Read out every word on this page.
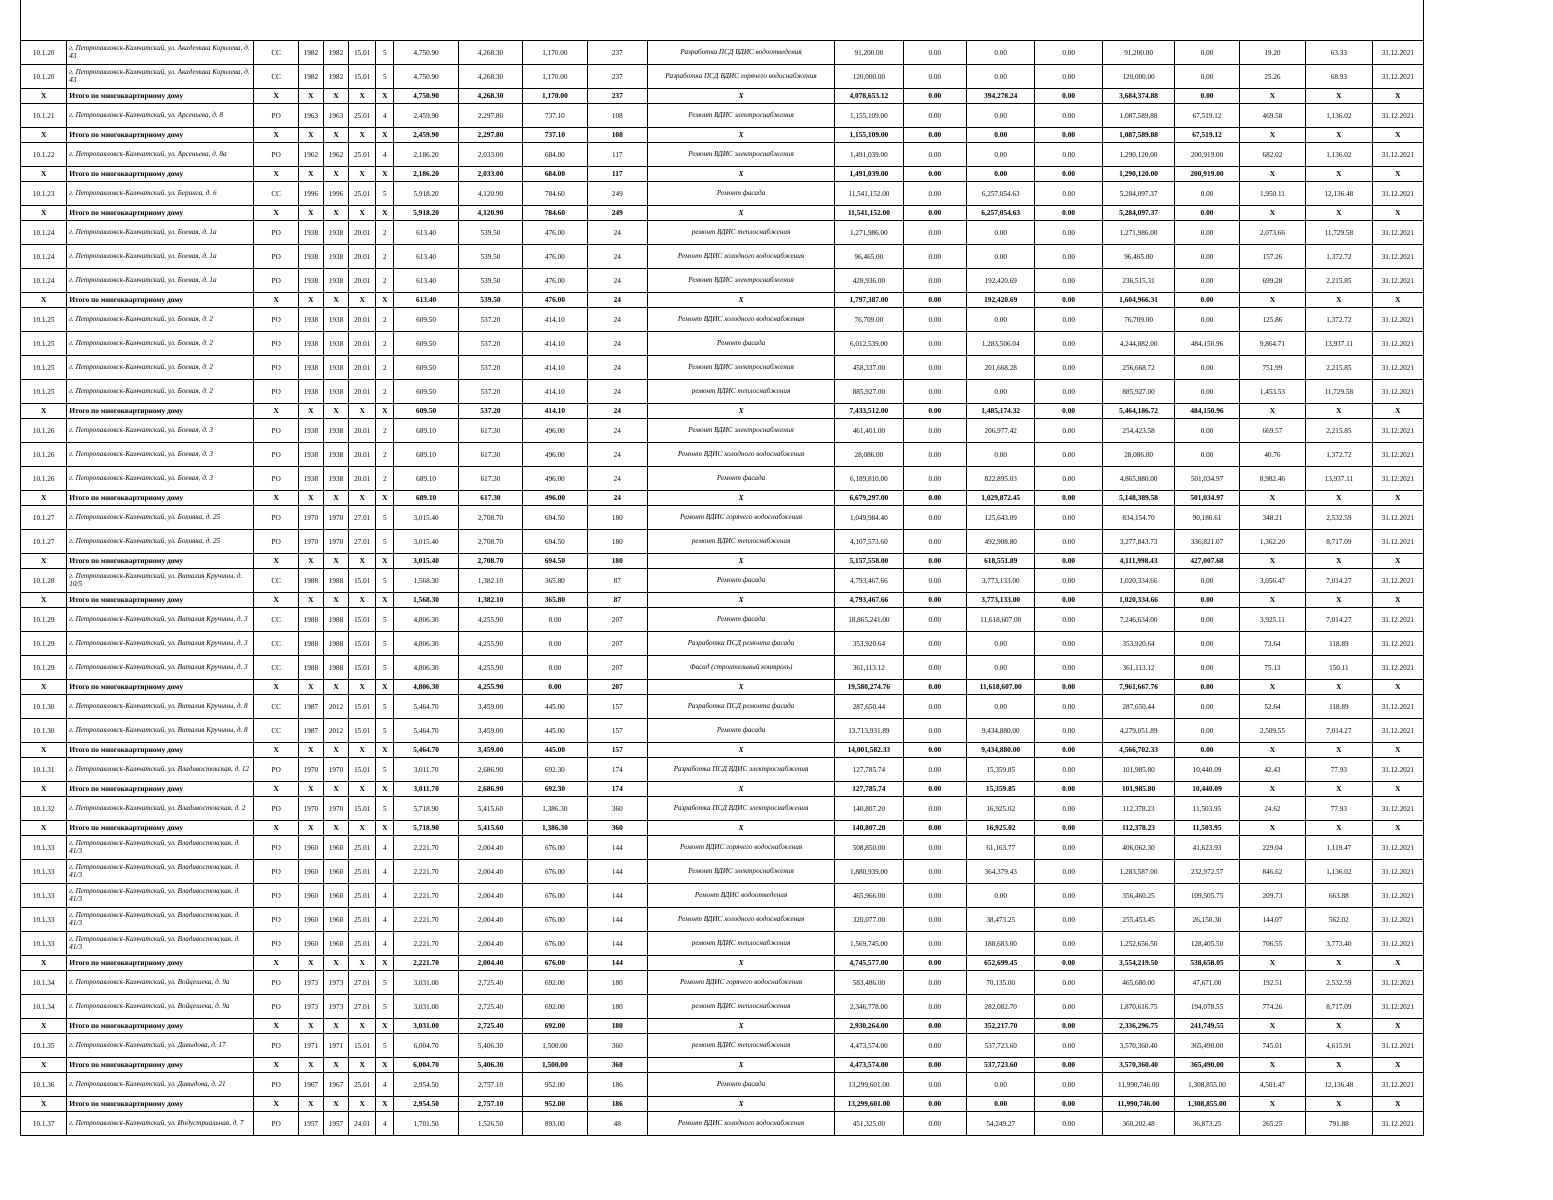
10.1.20	г. Петропавловск-Камчатский, ул. Академика Королева, д. 43	СС	1982	1982	15.01	5	4,750.90	4,268.30	1,170.00	237	Разработка ПСД ВДИС водоотведения	91,200.00	0.00	0.00	0.00	91,200.00	0.00	19.20	63.33	31.12.2021
10.1.20	г. Петропавловск-Камчатский, ул. Академика Королева, д. 43	СС	1982	1982	15.01	5	4,750.90	4,268.30	1,170.00	237	Разработка ПСД ВДИС горячего водоснабжения	120,000.00	0.00	0.00	0.00	120,000.00	0.00	25.26	68.93	31.12.2021
X	Итого по многоквартирному дому	X	X	X	X	X	4,750.90	4,268.30	1,170.00	237	X	4,078,653.12	0.00	394,278.24	0.00	3,684,374.88	0.00	X	X	X
10.1.21	г. Петропавловск-Камчатский, ул. Арсеньева, д. 8	РО	1963	1963	25.01	4	2,459.90	2,297.80	737.10	108	Ремонт ВДИС электроснабжения	1,155,109.00	0.00	0.00	0.00	1,087,589.88	67,519.12	469.58	1,136.02	31.12.2021
X	Итого по многоквартирному дому	X	X	X	X	X	2,459.90	2,297.80	737.10	108	X	1,155,109.00	0.00	0.00	0.00	1,087,589.88	67,519.12	X	X	X
10.1.22	г. Петропавловск-Камчатский, ул. Арсеньева, д. 8а	РО	1962	1962	25.01	4	2,186.20	2,033.00	684.00	117	Ремонт ВДИС электроснабжения	1,491,039.00	0.00	0.00	0.00	1,290,120.00	200,919.00	682.02	1,136.02	31.12.2021
X	Итого по многоквартирному дому	X	X	X	X	X	2,186.20	2,033.00	684.00	117	X	1,491,039.00	0.00	0.00	0.00	1,290,120.00	200,919.00	X	X	X
10.1.23	г. Петропавловск-Камчатский, ул. Беринга, д. 6	СС	1996	1996	25.01	5	5,918.20	4,120.90	784.60	249	Ремонт фасада	11,541,152.00	0.00	6,257,054.63	0.00	5,284,097.37	0.00	1,950.11	12,136.48	31.12.2021
X	Итого по многоквартирному дому	X	X	X	X	X	5,918.20	4,120.90	784.60	249	X	11,541,152.00	0.00	6,257,054.63	0.00	5,284,097.37	0.00	X	X	X
10.1.24	г. Петропавловск-Камчатский, ул. Боевая, д. 1а	РО	1938	1938	20.01	2	613.40	539.50	476.00	24	ремонт ВДИС теплоснабжения	1,271,986.00	0.00	0.00	0.00	1,271,986.00	0.00	2,073.66	11,729.58	31.12.2021
10.1.24	г. Петропавловск-Камчатский, ул. Боевая, д. 1а	РО	1938	1938	20.01	2	613.40	539.50	476.00	24	Ремонт ВДИС холодного водоснабжения	96,465.00	0.00	0.00	0.00	96,465.00	0.00	157.26	1,372.72	31.12.2021
10.1.24	г. Петропавловск-Камчатский, ул. Боевая, д. 1а	РО	1938	1938	20.01	2	613.40	539.50	476.00	24	Ремонт ВДИС электроснабжения	428,936.00	0.00	192,420.69	0.00	236,515.31	0.00	699.28	2,215.85	31.12.2021
X	Итого по многоквартирному дому	X	X	X	X	X	613.40	539.50	476.00	24	X	1,797,387.00	0.00	192,420.69	0.00	1,604,966.31	0.00	X	X	X
10.1.25	г. Петропавловск-Камчатский, ул. Боевая, д. 2	РО	1938	1938	20.01	2	609.50	537.20	414.10	24	Ремонт ВДИС холодного водоснабжения	76,709.00	0.00	0.00	0.00	76,709.00	0.00	125.86	1,372.72	31.12.2021
10.1.25	г. Петропавловск-Камчатский, ул. Боевая, д. 2	РО	1938	1938	20.01	2	609.50	537.20	414.10	24	Ремонт фасада	6,012,539.00	0.00	1,283,506.04	0.00	4,244,882.00	484,150.96	9,864.71	13,937.11	31.12.2021
10.1.25	г. Петропавловск-Камчатский, ул. Боевая, д. 2	РО	1938	1938	20.01	2	609.50	537.20	414.10	24	Ремонт ВДИС электроснабжения	458,337.00	0.00	201,668.28	0.00	256,668.72	0.00	751.99	2,215.85	31.12.2021
10.1.25	г. Петропавловск-Камчатский, ул. Боевая, д. 2	РО	1938	1938	20.01	2	609.50	537.20	414.10	24	ремонт ВДИС теплоснабжения	885,927.00	0.00	0.00	0.00	885,927.00	0.00	1,453.53	11,729.58	31.12.2021
X	Итого по многоквартирному дому	X	X	X	X	X	609.50	537.20	414.10	24	X	7,433,512.00	0.00	1,485,174.32	0.00	5,464,186.72	484,150.96	X	X	X
10.1.26	г. Петропавловск-Камчатский, ул. Боевая, д. 3	РО	1938	1938	20.01	2	689.10	617.30	496.00	24	Ремонт ВДИС электроснабжения	461,401.00	0.00	206,977.42	0.00	254,423.58	0.00	669.57	2,215.85	31.12.2021
10.1.26	г. Петропавловск-Камчатский, ул. Боевая, д. 3	РО	1938	1938	20.01	2	689.10	617.30	496.00	24	Ремонт ВДИС холодного водоснабжения	28,086.00	0.00	0.00	0.00	28,086.00	0.00	40.76	1,372.72	31.12.2021
10.1.26	г. Петропавловск-Камчатский, ул. Боевая, д. 3	РО	1938	1938	20.01	2	689.10	617.30	496.00	24	Ремонт фасада	6,189,810.00	0.00	822,895.03	0.00	4,865,880.00	501,034.97	8,982.46	13,937.11	31.12.2021
X	Итого по многоквартирному дому	X	X	X	X	X	689.10	617.30	496.00	24	X	6,679,297.00	0.00	1,029,872.45	0.00	5,148,389.58	501,034.97	X	X	X
10.1.27	г. Петропавловск-Камчатский, ул. Бохняка, д. 25	РО	1970	1970	27.01	5	3,015.40	2,708.70	694.50	180	Ремонт ВДИС горячего водоснабжения	1,049,984.40	0.00	125,643.09	0.00	834,154.70	90,186.61	348.21	2,532.59	31.12.2021
10.1.27	г. Петропавловск-Камчатский, ул. Бохняка, д. 25	РО	1970	1970	27.01	5	3,015.40	2,708.70	694.50	180	ремонт ВДИС теплоснабжения	4,107,573.60	0.00	492,908.80	0.00	3,277,843.73	336,821.07	1,362.20	8,717.09	31.12.2021
X	Итого по многоквартирному дому	X	X	X	X	X	3,015.40	2,708.70	694.50	180	X	5,157,558.00	0.00	618,551.89	0.00	4,111,998.43	427,007.68	X	X	X
10.1.28	г. Петропавловск-Камчатский, ул. Виталия Кручины, д. 10/5	СС	1988	1988	15.01	5	1,568.30	1,382.10	365.80	87	Ремонт фасада	4,793,467.66	0.00	3,773,133.00	0.00	1,020,334.66	0.00	3,056.47	7,014.27	31.12.2021
X	Итого по многоквартирному дому	X	X	X	X	X	1,568.30	1,382.10	365.80	87	X	4,793,467.66	0.00	3,773,133.00	0.00	1,020,334.66	0.00	X	X	X
10.1.29	г. Петропавловск-Камчатский, ул. Виталия Кручины, д. 3	СС	1988	1988	15.01	5	4,806.30	4,255.90	0.00	207	Ремонт фасада	18,865,241.00	0.00	11,618,607.00	0.00	7,246,634.00	0.00	3,925.11	7,014.27	31.12.2021
10.1.29	г. Петропавловск-Камчатский, ул. Виталия Кручины, д. 3	СС	1988	1988	15.01	5	4,806.30	4,255.90	0.00	207	Разработка ПСД ремонта фасада	353,920.64	0.00	0.00	0.00	353,920.64	0.00	73.64	118.89	31.12.2021
10.1.29	г. Петропавловск-Камчатский, ул. Виталия Кручины, д. 3	СС	1988	1988	15.01	5	4,806.30	4,255.90	0.00	207	Фасад (строительный контроль)	361,113.12	0.00	0.00	0.00	361,113.12	0.00	75.13	150.11	31.12.2021
X	Итого по многоквартирному дому	X	X	X	X	X	4,806.30	4,255.90	0.00	207	X	19,580,274.76	0.00	11,618,607.00	0.00	7,961,667.76	0.00	X	X	X
10.1.30	г. Петропавловск-Камчатский, ул. Виталия Кручины, д. 8	СС	1987	2012	15.01	5	5,464.70	3,459.00	445.00	157	Разработка ПСД ремонта фасада	287,650.44	0.00	0.00	0.00	287,650.44	0.00	52.64	118.89	31.12.2021
10.1.30	г. Петропавловск-Камчатский, ул. Виталия Кручины, д. 8	СС	1987	2012	15.01	5	5,464.70	3,459.00	445.00	157	Ремонт фасада	13,713,931.89	0.00	9,434,880.00	0.00	4,279,051.89	0.00	2,509.55	7,014.27	31.12.2021
X	Итого по многоквартирному дому	X	X	X	X	X	5,464.70	3,459.00	445.00	157	X	14,001,582.33	0.00	9,434,880.00	0.00	4,566,702.33	0.00	X	X	X
10.1.31	г. Петропавловск-Камчатский, ул. Владивостокская, д. 12	РО	1970	1970	15.01	5	3,011.70	2,686.90	692.30	174	Разработка ПСД ВДИС электроснабжения	127,785.74	0.00	15,359.85	0.00	101,985.80	10,440.09	42.43	77.93	31.12.2021
X	Итого по многоквартирному дому	X	X	X	X	X	3,011.70	2,686.90	692.30	174	X	127,785.74	0.00	15,359.85	0.00	101,985.80	10,440.09	X	X	X
10.1.32	г. Петропавловск-Камчатский, ул. Владивостокская, д. 2	РО	1970	1970	15.01	5	5,718.90	5,415.60	1,386.30	360	Разработка ПСД ВДИС электроснабжения	140,807.20	0.00	16,925.02	0.00	112,378.23	11,503.95	24.62	77.93	31.12.2021
X	Итого по многоквартирному дому	X	X	X	X	X	5,718.90	5,415.60	1,386.30	360	X	140,807.20	0.00	16,925.02	0.00	112,378.23	11,503.95	X	X	X
10.1.33	г. Петропавловск-Камчатский, ул. Владивостокская, д. 41/3	РО	1960	1960	25.01	4	2,221.70	2,004.40	676.00	144	Ремонт ВДИС горячего водоснабжения	508,850.00	0.00	61,163.77	0.00	406,062.30	41,623.93	229.04	1,119.47	31.12.2021
10.1.33	г. Петропавловск-Камчатский, ул. Владивостокская, д. 41/3	РО	1960	1960	25.01	4	2,221.70	2,004.40	676.00	144	Ремонт ВДИС электроснабжения	1,880,939.00	0.00	364,379.43	0.00	1,283,587.00	232,972.57	846.62	1,136.02	31.12.2021
10.1.33	г. Петропавловск-Камчатский, ул. Владивостокская, д. 41/3	РО	1960	1960	25.01	4	2,221.70	2,004.40	676.00	144	Ремонт ВДИС водоотведения	465,966.00	0.00	0.00	0.00	356,460.25	109,505.75	209.73	663.88	31.12.2021
10.1.33	г. Петропавловск-Камчатский, ул. Владивостокская, д. 41/3	РО	1960	1960	25.01	4	2,221.70	2,004.40	676.00	144	Ремонт ВДИС холодного водоснабжения	320,077.00	0.00	38,473.25	0.00	255,453.45	26,150.30	144.07	562.02	31.12.2021
10.1.33	г. Петропавловск-Камчатский, ул. Владивостокская, д. 41/3	РО	1960	1960	25.01	4	2,221.70	2,004.40	676.00	144	ремонт ВДИС теплоснабжения	1,569,745.00	0.00	188,683.00	0.00	1,252,656.50	128,405.50	706.55	3,773.40	31.12.2021
X	Итого по многоквартирному дому	X	X	X	X	X	2,221.70	2,004.40	676.00	144	X	4,745,577.00	0.00	652,699.45	0.00	3,554,219.50	538,658.05	X	X	X
10.1.34	г. Петропавловск-Камчатский, ул. Войцешека, д. 9а	РО	1973	1973	27.01	5	3,031.00	2,725.40	692.00	180	Ремонт ВДИС горячего водоснабжения	583,486.00	0.00	70,135.00	0.00	465,680.00	47,671.00	192.51	2,532.59	31.12.2021
10.1.34	г. Петропавловск-Камчатский, ул. Войцешека, д. 9а	РО	1973	1973	27.01	5	3,031.00	2,725.40	692.00	180	ремонт ВДИС теплоснабжения	2,346,778.00	0.00	282,082.70	0.00	1,870,616.75	194,078.55	774.26	8,717.09	31.12.2021
X	Итого по многоквартирному дому	X	X	X	X	X	3,031.00	2,725.40	692.00	180	X	2,930,264.00	0.00	352,217.70	0.00	2,336,296.75	241,749.55	X	X	X
10.1.35	г. Петропавловск-Камчатский, ул. Давыдова, д. 17	РО	1971	1971	15.01	5	6,004.70	5,406.30	1,500.00	360	ремонт ВДИС теплоснабжения	4,473,574.00	0.00	537,723.60	0.00	3,570,360.40	365,490.00	745.01	4,615.91	31.12.2021
X	Итого по многоквартирному дому	X	X	X	X	X	6,004.70	5,406.30	1,500.00	360	X	4,473,574.00	0.00	537,723.60	0.00	3,570,360.40	365,490.00	X	X	X
10.1.36	г. Петропавловск-Камчатский, ул. Давыдова, д. 21	РО	1967	1967	25.01	4	2,954.50	2,757.10	952.00	186	Ремонт фасада	13,299,601.00	0.00	0.00	0.00	11,990,746.00	1,308,855.00	4,501.47	12,136.48	31.12.2021
X	Итого по многоквартирному дому	X	X	X	X	X	2,954.50	2,757.10	952.00	186	X	13,299,601.00	0.00	0.00	0.00	11,990,746.00	1,308,855.00	X	X	X
10.1.37	г. Петропавловск-Камчатский, ул. Индустриальная, д. 7	РО	1957	1957	24.01	4	1,701.50	1,526.50	893.00	48	Ремонт ВДИС холодного водоснабжения	451,325.00	0.00	54,249.27	0.00	360,202.48	36,873.25	265.25	791.88	31.12.2021
